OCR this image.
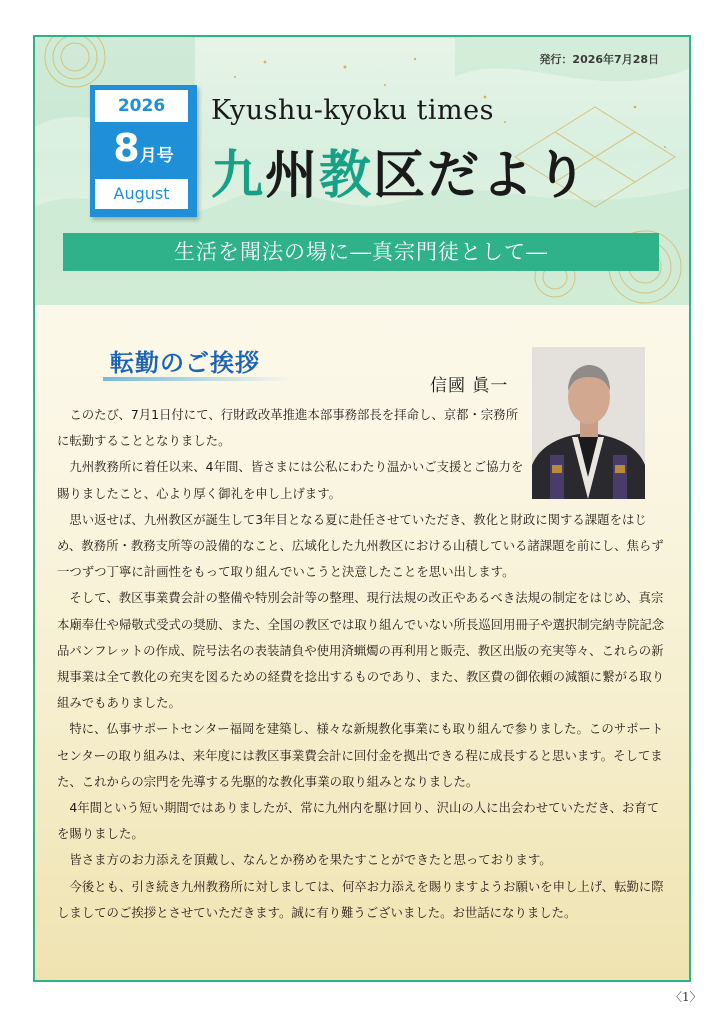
発行：2026年7月28日
2026
8月号
August
Kyushu-kyoku times
九州教区だより
生活を聞法の場に―真宗門徒として―
転勤のご挨拶
信國 眞一

このたび、7月1日付にて、行財政改革推進本部事務部長を拝命し、京都・宗務所に転勤することとなりました。

九州教務所に着任以来、4年間、皆さまには公私にわたり温かいご支援とご協力を賜りましたこと、心より厚く御礼を申し上げます。

思い返せば、九州教区が誕生して3年目となる夏に赴任させていただき、教化と財政に関する課題をはじめ、教務所・教務支所等の設備的なこと、広域化した九州教区における山積している諸課題を前にし、焦らず一つずつ丁寧に計画性をもって取り組んでいこうと決意したことを思い出します。

そして、教区事業費会計の整備や特別会計等の整理、現行法規の改正やあるべき法規の制定をはじめ、真宗本廟奉仕や帰敬式受式の奨励、また、全国の教区では取り組んでいない所長巡回用冊子や選択制完納寺院記念品パンフレットの作成、院号法名の表装請負や使用済蝋燭の再利用と販売、教区出版の充実等々、これらの新規事業は全て教化の充実を図るための経費を捻出するものであり、また、教区費の御依頼の減額に繋がる取り組みでもありました。

特に、仏事サポートセンター福岡を建築し、様々な新規教化事業にも取り組んで参りました。このサポートセンターの取り組みは、来年度には教区事業費会計に回付金を拠出できる程に成長すると思います。そしてまた、これからの宗門を先導する先駆的な教化事業の取り組みとなりました。

4年間という短い期間ではありましたが、常に九州内を駆け回り、沢山の人に出会わせていただき、お育てを賜りました。

皆さま方のお力添えを頂戴し、なんとか務めを果たすことができたと思っております。

今後とも、引き続き九州教務所に対しましては、何卒お力添えを賜りますようお願いを申し上げ、転勤に際しましてのご挨拶とさせていただきます。誠に有り難うございました。お世話になりました。

〈1〉
